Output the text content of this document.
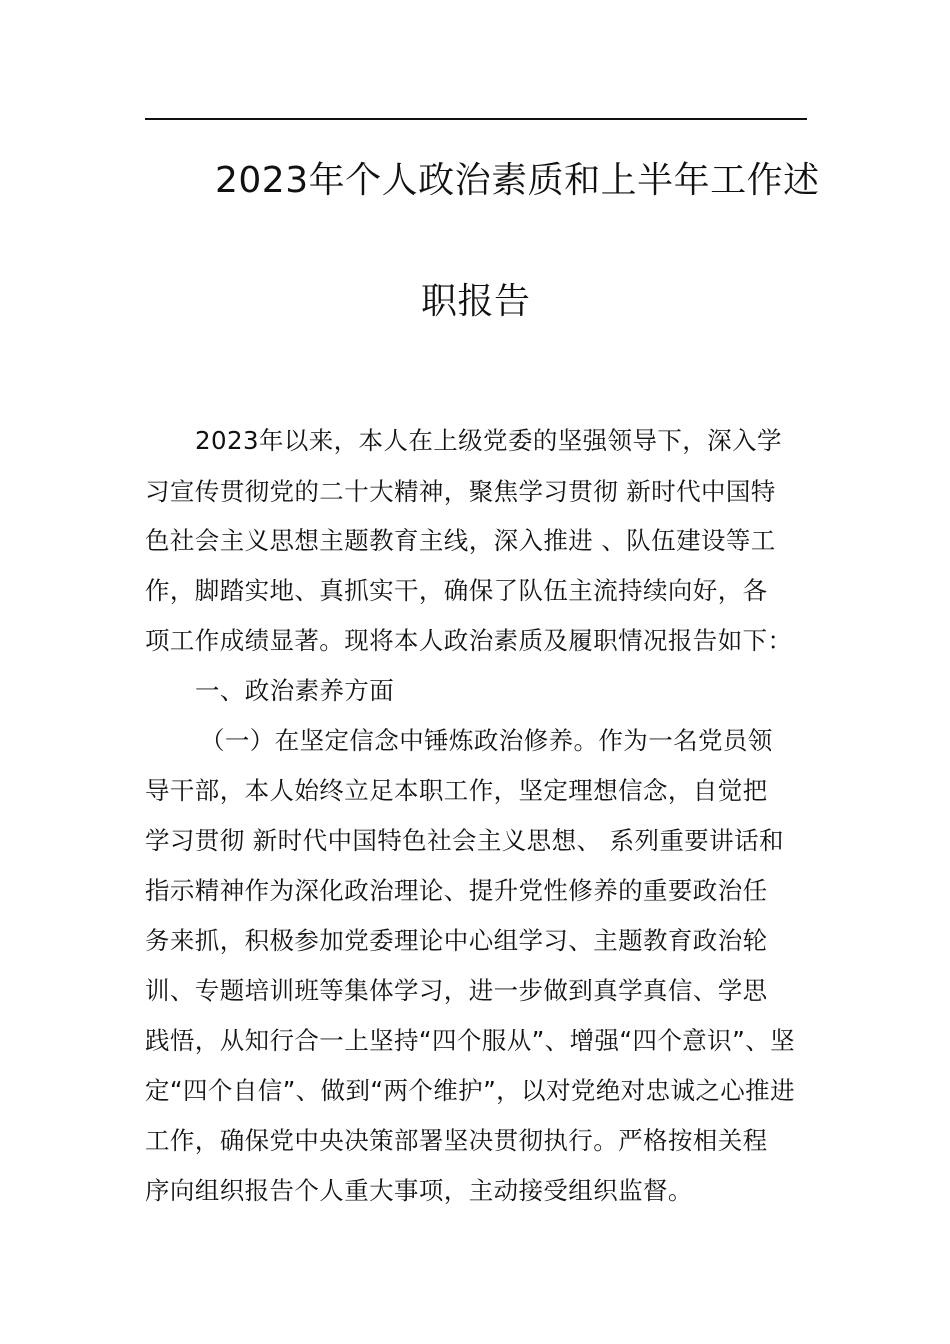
2023年个人政治素质和上半年工作述
职报告
2023年以来，本人在上级党委的坚强领导下，深入学
习宣传贯彻党的二十大精神，聚焦学习贯彻 新时代中国特
色社会主义思想主题教育主线，深入推进 、队伍建设等工
作，脚踏实地、真抓实干，确保了队伍主流持续向好，各
项工作成绩显著。现将本人政治素质及履职情况报告如下：
一、政治素养方面
（一）在坚定信念中锤炼政治修养。作为一名党员领
导干部，本人始终立足本职工作，坚定理想信念，自觉把
学习贯彻 新时代中国特色社会主义思想、 系列重要讲话和
指示精神作为深化政治理论、提升党性修养的重要政治任
务来抓，积极参加党委理论中心组学习、主题教育政治轮
训、专题培训班等集体学习，进一步做到真学真信、学思
践悟，从知行合一上坚持“四个服从”、增强“四个意识”、坚
定“四个自信”、做到“两个维护”，以对党绝对忠诚之心推进
工作，确保党中央决策部署坚决贯彻执行。严格按相关程
序向组织报告个人重大事项，主动接受组织监督。
